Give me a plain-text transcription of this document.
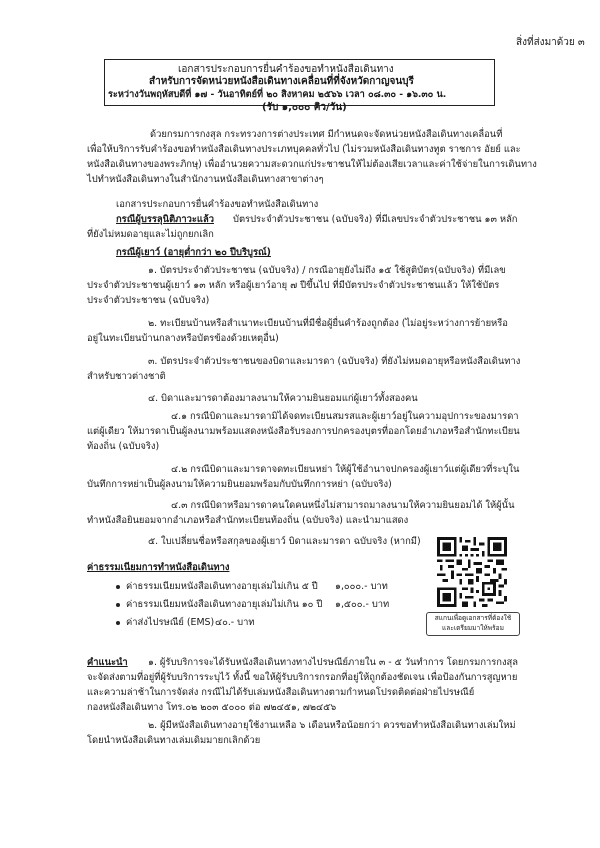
สิ่งที่ส่งมาด้วย ๓
เอกสารประกอบการยื่นคำร้องขอทำหนังสือเดินทาง
สำหรับการจัดหน่วยหนังสือเดินทางเคลื่อนที่ที่จังหวัดกาญจนบุรี
ระหว่างวันพฤหัสบดีที่ ๑๗ - วันอาทิตย์ที่ ๒๐ สิงหาคม ๒๕๖๖ เวลา ๐๘.๓๐ - ๑๖.๓๐ น.
(รับ ๑,๐๐๐ คิว/วัน)
ด้วยกรมการกงสุล กระทรวงการต่างประเทศ มีกำหนดจะจัดหน่วยหนังสือเดินทางเคลื่อนที่
เพื่อให้บริการรับคำร้องขอทำหนังสือเดินทางประเภทบุคคลทั่วไป (ไม่รวมหนังสือเดินทางทูต ราชการ อัยย์ และ
หนังสือเดินทางของพระภิกษุ) เพื่ออำนวยความสะดวกแก่ประชาชนให้ไม่ต้องเสียเวลาและค่าใช้จ่ายในการเดินทาง
ไปทำหนังสือเดินทางในสำนักงานหนังสือเดินทางสาขาต่างๆ
เอกสารประกอบการยื่นคำร้องขอทำหนังสือเดินทาง
กรณีผู้บรรลุนิติภาวะแล้ว บัตรประจำตัวประชาชน (ฉบับจริง) ที่มีเลขประจำตัวประชาชน ๑๓ หลัก
ที่ยังไม่หมดอายุและไม่ถูกยกเลิก
กรณีผู้เยาว์ (อายุต่ำกว่า ๒๐ ปีบริบูรณ์)
๑. บัตรประจำตัวประชาชน (ฉบับจริง) / กรณีอายุยังไม่ถึง ๑๕ ใช้สูติบัตร(ฉบับจริง) ที่มีเลข
ประจำตัวประชาชนผู้เยาว์ ๑๓ หลัก หรือผู้เยาว์อายุ ๗ ปีขึ้นไป ที่มีบัตรประจำตัวประชาชนแล้ว ให้ใช้บัตร
ประจำตัวประชาชน (ฉบับจริง)
๒. ทะเบียนบ้านหรือสำเนาทะเบียนบ้านที่มีชื่อผู้ยื่นคำร้องถูกต้อง (ไม่อยู่ระหว่างการย้ายหรือ
อยู่ในทะเบียนบ้านกลางหรือบัตรข้องด้วยเหตุอื่น)
๓. บัตรประจำตัวประชาชนของบิดาและมารดา (ฉบับจริง) ที่ยังไม่หมดอายุหรือหนังสือเดินทาง
สำหรับชาวต่างชาติ
๔. บิดาและมารดาต้องมาลงนามให้ความยินยอมแก่ผู้เยาว์ทั้งสองคน
๔.๑ กรณีบิดาและมารดามิได้จดทะเบียนสมรสและผู้เยาว์อยู่ในความอุปการะของมารดา
แต่ผู้เดียว ให้มารดาเป็นผู้ลงนามพร้อมแสดงหนังสือรับรองการปกครองบุตรที่ออกโดยอำเภอหรือสำนักทะเบียน
ท้องถิ่น (ฉบับจริง)
๔.๒ กรณีบิดาและมารดาจดทะเบียนหย่า ให้ผู้ใช้อำนาจปกครองผู้เยาว์แต่ผู้เดียวที่ระบุใน
บันทึกการหย่าเป็นผู้ลงนามให้ความยินยอมพร้อมกับบันทึกการหย่า (ฉบับจริง)
๔.๓ กรณีบิดาหรือมารดาคนใดคนหนึ่งไม่สามารถมาลงนามให้ความยินยอมได้ ให้ผู้นั้น
ทำหนังสือยินยอมจากอำเภอหรือสำนักทะเบียนท้องถิ่น (ฉบับจริง) และนำมาแสดง
๕. ใบเปลี่ยนชื่อหรือสกุลของผู้เยาว์ บิดาและมารดา ฉบับจริง (หากมี)
ค่าธรรมเนียมการทำหนังสือเดินทาง
ค่าธรรมเนียมหนังสือเดินทางอายุเล่มไม่เกิน ๕ ปี ๑,๐๐๐.- บาท
ค่าธรรมเนียมหนังสือเดินทางอายุเล่มไม่เกิน ๑๐ ปี ๑,๕๐๐.- บาท
ค่าส่งไปรษณีย์ (EMS) ๔๐.- บาท	สแกนเพื่อดูเอกสารที่ต้องใช้
และเตรียมมาให้พร้อม
คำแนะนำ ๑. ผู้รับบริการจะได้รับหนังสือเดินทางทางไปรษณีย์ภายใน ๓ - ๕ วันทำการ โดยกรมการกงสุล
จะจัดส่งตามที่อยู่ที่ผู้รับบริการระบุไว้ ทั้งนี้ ขอให้ผู้รับบริการกรอกที่อยู่ให้ถูกต้องชัดเจน เพื่อป้องกันการสูญหาย
และความล่าช้าในการจัดส่ง กรณีไม่ได้รับเล่มหนังสือเดินทางตามกำหนดโปรดติดต่อฝ่ายไปรษณีย์
กองหนังสือเดินทาง โทร.๐๒ ๒๐๓ ๕๐๐๐ ต่อ ๗๒๔๕๑, ๗๒๔๕๖
๒. ผู้มีหนังสือเดินทางอายุใช้งานเหลือ ๖ เดือนหรือน้อยกว่า ควรขอทำหนังสือเดินทางเล่มใหม่
โดยนำหนังสือเดินทางเล่มเดิมมายกเลิกด้วย
